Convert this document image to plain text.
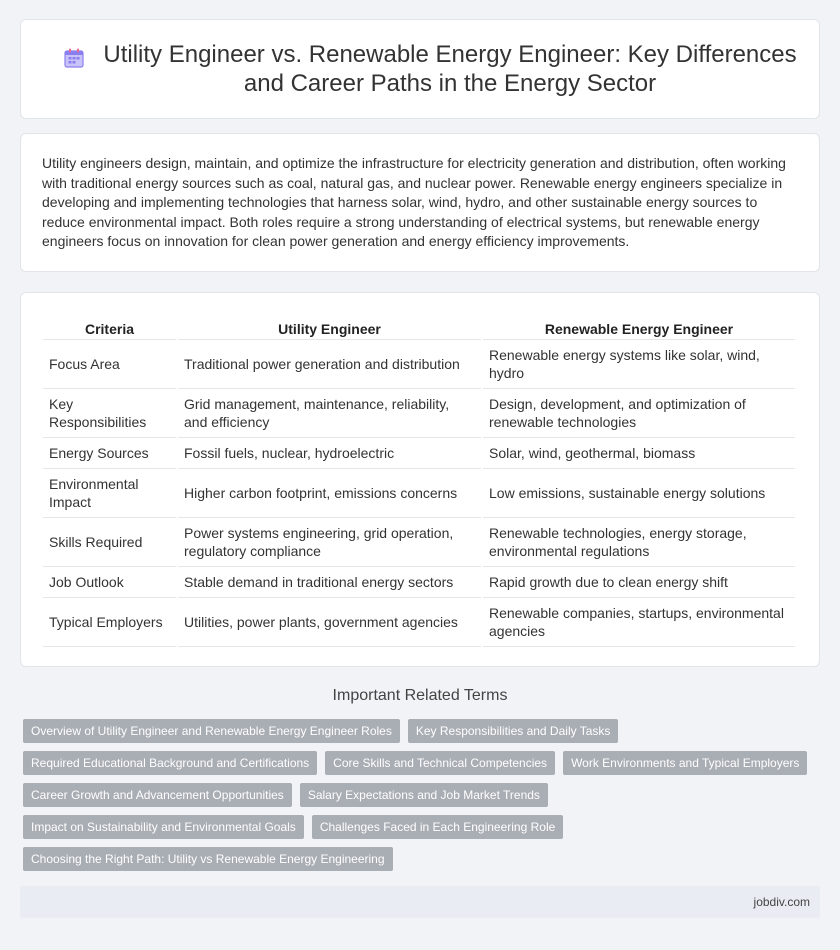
Utility Engineer vs. Renewable Energy Engineer: Key Differences and Career Paths in the Energy Sector

Utility engineers design, maintain, and optimize the infrastructure for electricity generation and distribution, often working with traditional energy sources such as coal, natural gas, and nuclear power. Renewable energy engineers specialize in developing and implementing technologies that harness solar, wind, hydro, and other sustainable energy sources to reduce environmental impact. Both roles require a strong understanding of electrical systems, but renewable energy engineers focus on innovation for clean power generation and energy efficiency improvements.

Criteria	Utility Engineer	Renewable Energy Engineer
Focus Area	Traditional power generation and distribution	Renewable energy systems like solar, wind, hydro
Key Responsibilities	Grid management, maintenance, reliability, and efficiency	Design, development, and optimization of renewable technologies
Energy Sources	Fossil fuels, nuclear, hydroelectric	Solar, wind, geothermal, biomass
Environmental Impact	Higher carbon footprint, emissions concerns	Low emissions, sustainable energy solutions
Skills Required	Power systems engineering, grid operation, regulatory compliance	Renewable technologies, energy storage, environmental regulations
Job Outlook	Stable demand in traditional energy sectors	Rapid growth due to clean energy shift
Typical Employers	Utilities, power plants, government agencies	Renewable companies, startups, environmental agencies
Important Related Terms
Overview of Utility Engineer and Renewable Energy Engineer Roles	Key Responsibilities and Daily Tasks
Required Educational Background and Certifications	Core Skills and Technical Competencies	Work Environments and Typical Employers
Career Growth and Advancement Opportunities	Salary Expectations and Job Market Trends
Impact on Sustainability and Environmental Goals	Challenges Faced in Each Engineering Role
Choosing the Right Path: Utility vs Renewable Energy Engineering
jobdiv.com
